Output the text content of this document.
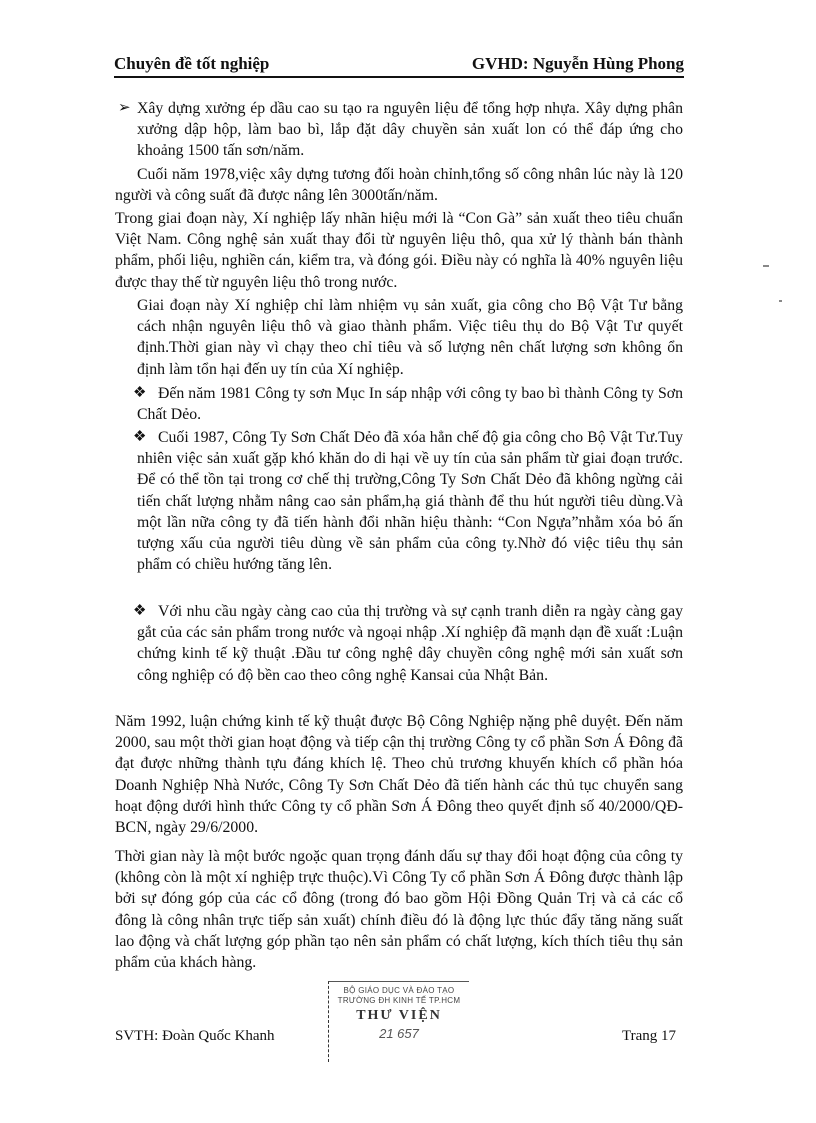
Chuyên đề tốt nghiệp	GVHD: Nguyễn Hùng Phong
➢ Xây dựng xưởng ép dầu cao su tạo ra nguyên liệu để tổng hợp nhựa. Xây dựng phân xưởng dập hộp, làm bao bì, lắp đặt dây chuyền sản xuất lon có thể đáp ứng cho khoảng 1500 tấn sơn/năm.

Cuối năm 1978,việc xây dựng tương đối hoàn chỉnh,tổng số công nhân lúc này là 120 người và công suất đã được nâng lên 3000tấn/năm.

Trong giai đoạn này, Xí nghiệp lấy nhãn hiệu mới là “Con Gà” sản xuất theo tiêu chuẩn Việt Nam. Công nghệ sản xuất thay đổi từ nguyên liệu thô, qua xử lý thành bán thành phẩm, phối liệu, nghiền cán, kiểm tra, và đóng gói. Điều này có nghĩa là 40% nguyên liệu được thay thế từ nguyên liệu thô trong nước.

Giai đoạn này Xí nghiệp chỉ làm nhiệm vụ sản xuất, gia công cho Bộ Vật Tư bằng cách nhận nguyên liệu thô và giao thành phẩm. Việc tiêu thụ do Bộ Vật Tư quyết định.Thời gian này vì chạy theo chỉ tiêu và số lượng nên chất lượng sơn không ổn định làm tổn hại đến uy tín của Xí nghiệp.

❖ Đến năm 1981 Công ty sơn Mục In sáp nhập với công ty bao bì thành Công ty Sơn Chất Dẻo.

❖ Cuối 1987, Công Ty Sơn Chất Dẻo đã xóa hẳn chế độ gia công cho Bộ Vật Tư.Tuy nhiên việc sản xuất gặp khó khăn do di hại về uy tín của sản phẩm từ giai đoạn trước. Để có thể tồn tại trong cơ chế thị trường,Công Ty Sơn Chất Dẻo đã không ngừng cải tiến chất lượng nhằm nâng cao sản phẩm,hạ giá thành để thu hút người tiêu dùng.Và một lần nữa công ty đã tiến hành đổi nhãn hiệu thành: “Con Ngựa”nhằm xóa bỏ ấn tượng xấu của người tiêu dùng về sản phẩm của công ty.Nhờ đó việc tiêu thụ sản phẩm có chiều hướng tăng lên.

❖ Với nhu cầu ngày càng cao của thị trường và sự cạnh tranh diễn ra ngày càng gay gắt của các sản phẩm trong nước và ngoại nhập .Xí nghiệp đã mạnh dạn đề xuất :Luận chứng kinh tế kỹ thuật .Đầu tư công nghệ dây chuyền công nghệ mới sản xuất sơn công nghiệp có độ bền cao theo công nghệ Kansai của Nhật Bản.

Năm 1992, luận chứng kinh tế kỹ thuật được Bộ Công Nghiệp nặng phê duyệt. Đến năm 2000, sau một thời gian hoạt động và tiếp cận thị trường Công ty cổ phần Sơn Á Đông đã đạt được những thành tựu đáng khích lệ. Theo chủ trương khuyến khích cổ phần hóa Doanh Nghiệp Nhà Nước, Công Ty Sơn Chất Dẻo đã tiến hành các thủ tục chuyển sang hoạt động dưới hình thức Công ty cổ phần Sơn Á Đông theo quyết định số 40/2000/QĐ-BCN, ngày 29/6/2000.

Thời gian này là một bước ngoặc quan trọng đánh dấu sự thay đổi hoạt động của công ty (không còn là một xí nghiệp trực thuộc).Vì Công Ty cổ phần Sơn Á Đông được thành lập bởi sự đóng góp của các cổ đông (trong đó bao gồm Hội Đồng Quản Trị và cả các cổ đông là công nhân trực tiếp sản xuất) chính điều đó là động lực thúc đẩy tăng năng suất lao động và chất lượng góp phần tạo nên sản phẩm có chất lượng, kích thích tiêu thụ sản phẩm của khách hàng.

BỘ GIÁO DỤC VÀ ĐÀO TẠO
TRƯỜNG ĐH KINH TẾ TP.HCM
THƯ VIỆN
21 657
SVTH: Đoàn Quốc Khanh	Trang 17
